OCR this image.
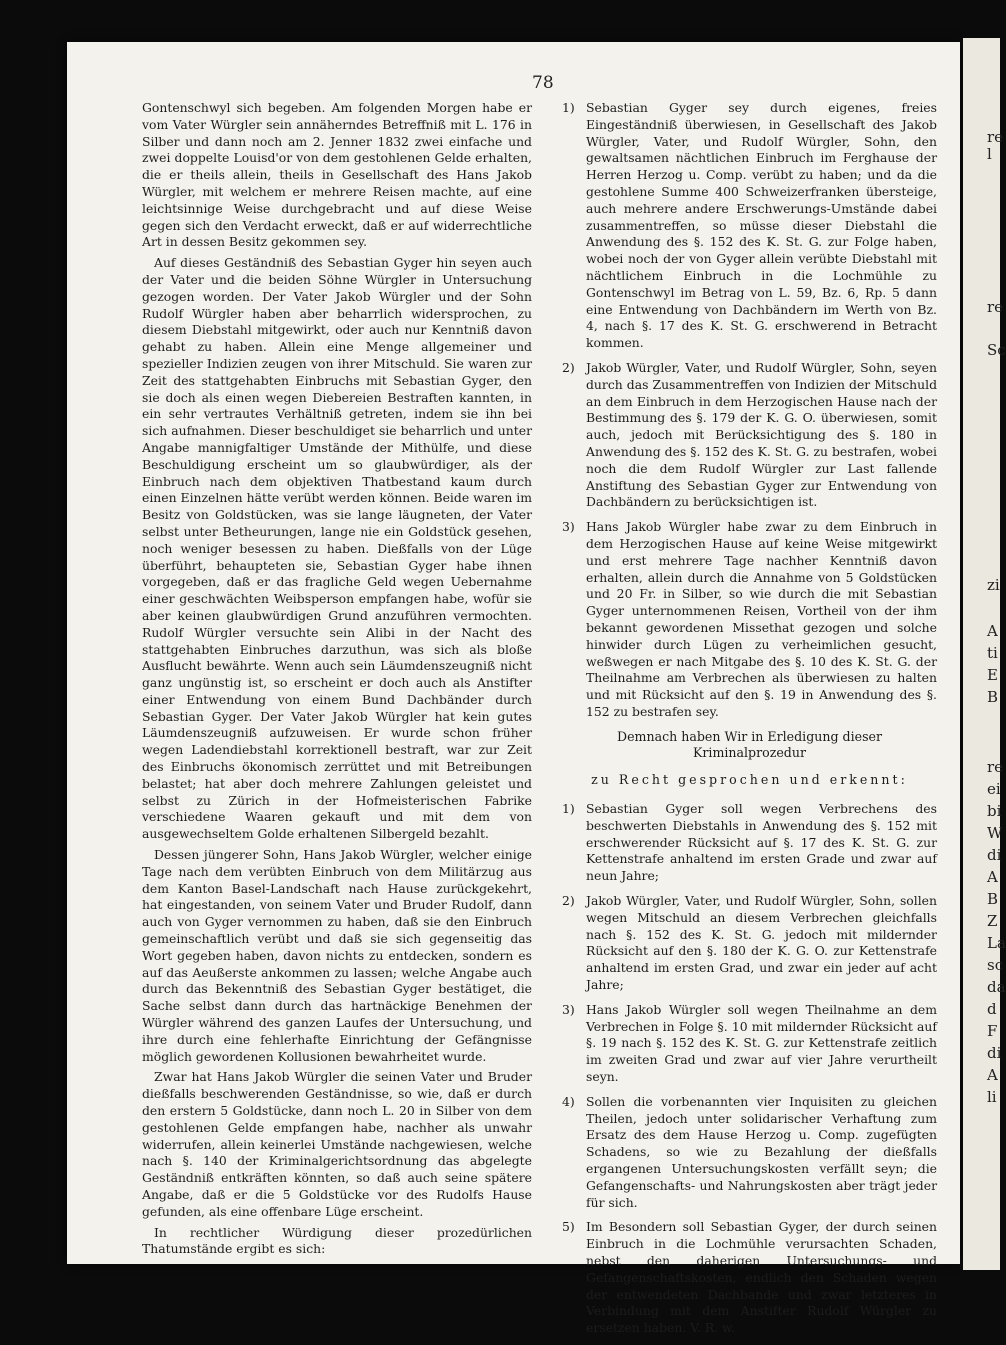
re
l
re
Sc
zi
A
ti
E
B
re
ei
bi
W
di
A
B
Z
La
sc
da
d
F
di
A
li
78

Gontenschwyl sich begeben. Am folgenden Morgen habe er vom Vater Würgler sein annäherndes Betreffniß mit L. 176 in Silber und dann noch am 2. Jenner 1832 zwei einfache und zwei doppelte Louisd'or von dem gestohlenen Gelde erhalten, die er theils allein, theils in Gesellschaft des Hans Jakob Würgler, mit welchem er mehrere Reisen machte, auf eine leichtsinnige Weise durchgebracht und auf diese Weise gegen sich den Verdacht erweckt, daß er auf widerrechtliche Art in dessen Besitz gekommen sey.

Auf dieses Geständniß des Sebastian Gyger hin seyen auch der Vater und die beiden Söhne Würgler in Untersuchung gezogen worden. Der Vater Jakob Würgler und der Sohn Rudolf Würgler haben aber beharrlich widersprochen, zu diesem Diebstahl mitgewirkt, oder auch nur Kenntniß davon gehabt zu haben. Allein eine Menge allgemeiner und spezieller Indizien zeugen von ihrer Mitschuld. Sie waren zur Zeit des stattgehabten Einbruchs mit Sebastian Gyger, den sie doch als einen wegen Diebereien Bestraften kannten, in ein sehr vertrautes Verhältniß getreten, indem sie ihn bei sich aufnahmen. Dieser beschuldiget sie beharrlich und unter Angabe mannigfaltiger Umstände der Mithülfe, und diese Beschuldigung erscheint um so glaubwürdiger, als der Einbruch nach dem objektiven Thatbestand kaum durch einen Einzelnen hätte verübt werden können. Beide waren im Besitz von Goldstücken, was sie lange läugneten, der Vater selbst unter Betheurungen, lange nie ein Goldstück gesehen, noch weniger besessen zu haben. Dießfalls von der Lüge überführt, behaupteten sie, Sebastian Gyger habe ihnen vorgegeben, daß er das fragliche Geld wegen Uebernahme einer geschwächten Weibsperson empfangen habe, wofür sie aber keinen glaubwürdigen Grund anzuführen vermochten. Rudolf Würgler versuchte sein Alibi in der Nacht des stattgehabten Einbruches darzuthun, was sich als bloße Ausflucht bewährte. Wenn auch sein Läumdenszeugniß nicht ganz ungünstig ist, so erscheint er doch auch als Anstifter einer Entwendung von einem Bund Dachbänder durch Sebastian Gyger. Der Vater Jakob Würgler hat kein gutes Läumdenszeugniß aufzuweisen. Er wurde schon früher wegen Ladendiebstahl korrektionell bestraft, war zur Zeit des Einbruchs ökonomisch zerrüttet und mit Betreibungen belastet; hat aber doch mehrere Zahlungen geleistet und selbst zu Zürich in der Hofmeisterischen Fabrike verschiedene Waaren gekauft und mit dem von ausgewechseltem Golde erhaltenen Silbergeld bezahlt.

Dessen jüngerer Sohn, Hans Jakob Würgler, welcher einige Tage nach dem verübten Einbruch von dem Militärzug aus dem Kanton Basel-Landschaft nach Hause zurückgekehrt, hat eingestanden, von seinem Vater und Bruder Rudolf, dann auch von Gyger vernommen zu haben, daß sie den Einbruch gemeinschaftlich verübt und daß sie sich gegenseitig das Wort gegeben haben, davon nichts zu entdecken, sondern es auf das Aeußerste ankommen zu lassen; welche Angabe auch durch das Bekenntniß des Sebastian Gyger bestätiget, die Sache selbst dann durch das hartnäckige Benehmen der Würgler während des ganzen Laufes der Untersuchung, und ihre durch eine fehlerhafte Einrichtung der Gefängnisse möglich gewordenen Kollusionen bewahrheitet wurde.

Zwar hat Hans Jakob Würgler die seinen Vater und Bruder dießfalls beschwerenden Geständnisse, so wie, daß er durch den erstern 5 Goldstücke, dann noch L. 20 in Silber von dem gestohlenen Gelde empfangen habe, nachher als unwahr widerrufen, allein keinerlei Umstände nachgewiesen, welche nach §. 140 der Kriminalgerichtsordnung das abgelegte Geständniß entkräften könnten, so daß auch seine spätere Angabe, daß er die 5 Goldstücke vor des Rudolfs Hause gefunden, als eine offenbare Lüge erscheint.

In rechtlicher Würdigung dieser prozedürlichen Thatumstände ergibt es sich:

1) Sebastian Gyger sey durch eigenes, freies Eingeständniß überwiesen, in Gesellschaft des Jakob Würgler, Vater, und Rudolf Würgler, Sohn, den gewaltsamen nächtlichen Einbruch im Ferghause der Herren Herzog u. Comp. verübt zu haben; und da die gestohlene Summe 400 Schweizerfranken übersteige, auch mehrere andere Erschwerungs-Umstände dabei zusammentreffen, so müsse dieser Diebstahl die Anwendung des §. 152 des K. St. G. zur Folge haben, wobei noch der von Gyger allein verübte Diebstahl mit nächtlichem Einbruch in die Lochmühle zu Gontenschwyl im Betrag von L. 59, Bz. 6, Rp. 5 dann eine Entwendung von Dachbändern im Werth von Bz. 4, nach §. 17 des K. St. G. erschwerend in Betracht kommen.
2) Jakob Würgler, Vater, und Rudolf Würgler, Sohn, seyen durch das Zusammentreffen von Indizien der Mitschuld an dem Einbruch in dem Herzogischen Hause nach der Bestimmung des §. 179 der K. G. O. überwiesen, somit auch, jedoch mit Berücksichtigung des §. 180 in Anwendung des §. 152 des K. St. G. zu bestrafen, wobei noch die dem Rudolf Würgler zur Last fallende Anstiftung des Sebastian Gyger zur Entwendung von Dachbändern zu berücksichtigen ist.
3) Hans Jakob Würgler habe zwar zu dem Einbruch in dem Herzogischen Hause auf keine Weise mitgewirkt und erst mehrere Tage nachher Kenntniß davon erhalten, allein durch die Annahme von 5 Goldstücken und 20 Fr. in Silber, so wie durch die mit Sebastian Gyger unternommenen Reisen, Vortheil von der ihm bekannt gewordenen Missethat gezogen und solche hinwider durch Lügen zu verheimlichen gesucht, weßwegen er nach Mitgabe des §. 10 des K. St. G. der Theilnahme am Verbrechen als überwiesen zu halten und mit Rücksicht auf den §. 19 in Anwendung des §. 152 zu bestrafen sey.
Demnach haben Wir in Erledigung dieser Kriminalprozedur
zu Recht gesprochen und erkennt:
1) Sebastian Gyger soll wegen Verbrechens des beschwerten Diebstahls in Anwendung des §. 152 mit erschwerender Rücksicht auf §. 17 des K. St. G. zur Kettenstrafe anhaltend im ersten Grade und zwar auf neun Jahre;
2) Jakob Würgler, Vater, und Rudolf Würgler, Sohn, sollen wegen Mitschuld an diesem Verbrechen gleichfalls nach §. 152 des K. St. G. jedoch mit mildernder Rücksicht auf den §. 180 der K. G. O. zur Kettenstrafe anhaltend im ersten Grad, und zwar ein jeder auf acht Jahre;
3) Hans Jakob Würgler soll wegen Theilnahme an dem Verbrechen in Folge §. 10 mit mildernder Rücksicht auf §. 19 nach §. 152 des K. St. G. zur Kettenstrafe zeitlich im zweiten Grad und zwar auf vier Jahre verurtheilt seyn.
4) Sollen die vorbenannten vier Inquisiten zu gleichen Theilen, jedoch unter solidarischer Verhaftung zum Ersatz des dem Hause Herzog u. Comp. zugefügten Schadens, so wie zu Bezahlung der dießfalls ergangenen Untersuchungskosten verfällt seyn; die Gefangenschafts- und Nahrungskosten aber trägt jeder für sich.
5) Im Besondern soll Sebastian Gyger, der durch seinen Einbruch in die Lochmühle verursachten Schaden, nebst den daherigen Untersuchungs- und Gefangenschaftskosten, endlich den Schaden wegen der entwendeten Dachbande und zwar letzteres in Verbindung mit dem Anstifter Rudolf Würgler zu ersetzen haben. V. R. w.
